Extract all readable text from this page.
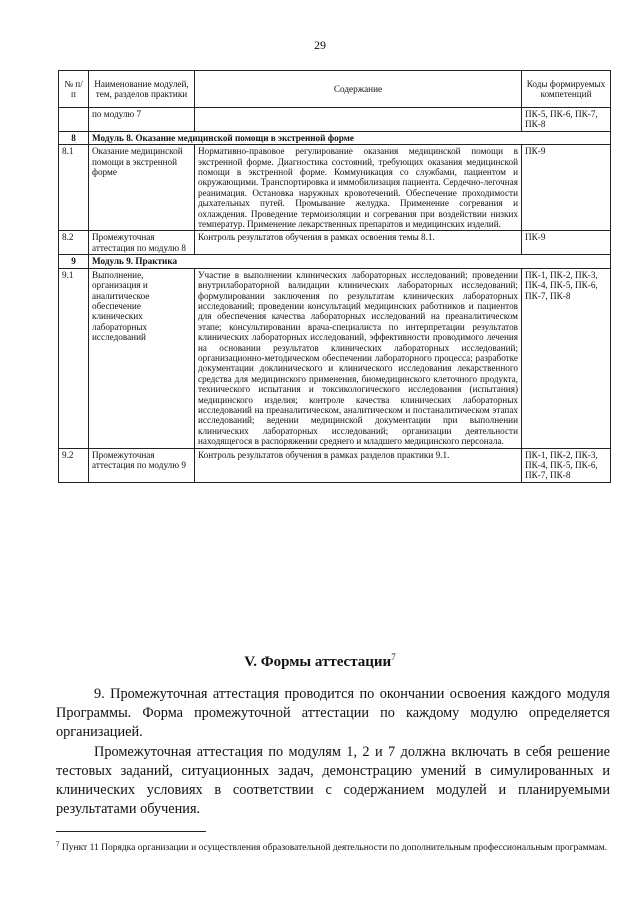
29
№ п/п	Наименование модулей, тем, разделов практики	Содержание	Коды формируемых компетенций
	по модулю 7		ПК-5, ПК-6, ПК-7, ПК-8
8	Модуль 8. Оказание медицинской помощи в экстренной форме		
8.1	Оказание медицинской помощи в экстренной форме	Нормативно-правовое регулирование оказания медицинской помощи в экстренной форме. Диагностика состояний, требующих оказания медицинской помощи в экстренной форме. Коммуникация со службами, пациентом и окружающими. Транспортировка и иммобилизация пациента. Сердечно-легочная реанимация. Остановка наружных кровотечений. Обеспечение проходимости дыхательных путей. Промывание желудка. Применение согревания и охлаждения. Проведение термоизоляции и согревания при воздействии низких температур. Применение лекарственных препаратов и медицинских изделий.	ПК-9
8.2	Промежуточная аттестация по модулю 8	Контроль результатов обучения в рамках освоения темы 8.1.	ПК-9
9	Модуль 9. Практика		
9.1	Выполнение, организация и аналитическое обеспечение клинических лабораторных исследований	Участие в выполнении клинических лабораторных исследований; проведении внутрилабораторной валидации клинических лабораторных исследований; формулировании заключения по результатам клинических лабораторных исследований; проведении консультаций медицинских работников и пациентов для обеспечения качества лабораторных исследований на преаналитическом этапе; консультировании врача-специалиста по интерпретации результатов клинических лабораторных исследований, эффективности проводимого лечения на основании результатов клинических лабораторных исследований; организационно-методическом обеспечении лабораторного процесса; разработке документации доклинического и клинического исследования лекарственного средства для медицинского применения, биомедицинского клеточного продукта, технического испытания и токсикологического исследования (испытания) медицинского изделия; контроле качества клинических лабораторных исследований на преаналитическом, аналитическом и постаналитическом этапах исследований; ведении медицинской документации при выполнении клинических лабораторных исследований; организации деятельности находящегося в распоряжении среднего и младшего медицинского персонала.	ПК-1, ПК-2, ПК-3, ПК-4, ПК-5, ПК-6, ПК-7, ПК-8
9.2	Промежуточная аттестация по модулю 9	Контроль результатов обучения в рамках разделов практики 9.1.	ПК-1, ПК-2, ПК-3, ПК-4, ПК-5, ПК-6, ПК-7, ПК-8
V. Формы аттестации$^7$
9. Промежуточная аттестация проводится по окончании освоения каждого модуля Программы. Форма промежуточной аттестации по каждому модулю определяется организацией.
Промежуточная аттестация по модулям 1, 2 и 7 должна включать в себя решение тестовых заданий, ситуационных задач, демонстрацию умений в симулированных и клинических условиях в соответствии с содержанием модулей и планируемыми результатами обучения.
$^7$ Пункт 11 Порядка организации и осуществления образовательной деятельности по дополнительным профессиональным программам.
